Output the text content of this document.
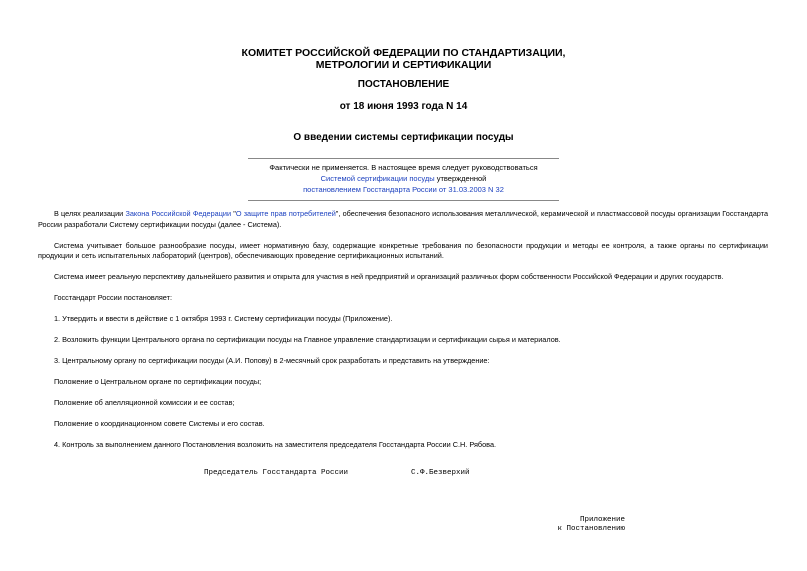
КОМИТЕТ РОССИЙСКОЙ ФЕДЕРАЦИИ ПО СТАНДАРТИЗАЦИИ,
МЕТРОЛОГИИ И СЕРТИФИКАЦИИ
ПОСТАНОВЛЕНИЕ
от 18 июня 1993 года N 14
О введении системы сертификации посуды
Фактически не применяется. В настоящее время следует руководствоваться
Системой сертификации посуды утвержденной
постановлением Госстандарта России от 31.03.2003 N 32

В целях реализации Закона Российской Федерации "О защите прав потребителей", обеспечения безопасного использования металлической, керамической и пластмассовой посуды организации Госстандарта России разработали Систему сертификации посуды (далее - Система).

Система учитывает большое разнообразие посуды, имеет нормативную базу, содержащие конкретные требования по безопасности продукции и методы ее контроля, а также органы по сертификации продукции и сеть испытательных лабораторий (центров), обеспечивающих проведение сертификационных испытаний.

Система имеет реальную перспективу дальнейшего развития и открыта для участия в ней предприятий и организаций различных форм собственности Российской Федерации и других государств.

Госстандарт России постановляет:

1. Утвердить и ввести в действие с 1 октября 1993 г. Систему сертификации посуды (Приложение).

2. Возложить функции Центрального органа по сертификации посуды на Главное управление стандартизации и сертификации сырья и материалов.

3. Центральному органу по сертификации посуды (А.И. Попову) в 2-месячный срок разработать и представить на утверждение:

Положение о Центральном органе по сертификации посуды;

Положение об апелляционной комиссии и ее состав;

Положение о координационном совете Системы и его состав.

4. Контроль за выполнением данного Постановления возложить на заместителя председателя Госстандарта России С.Н. Рябова.

Председатель Госстандарта России	С.Ф.Безверхий
Приложение
к Постановлению
